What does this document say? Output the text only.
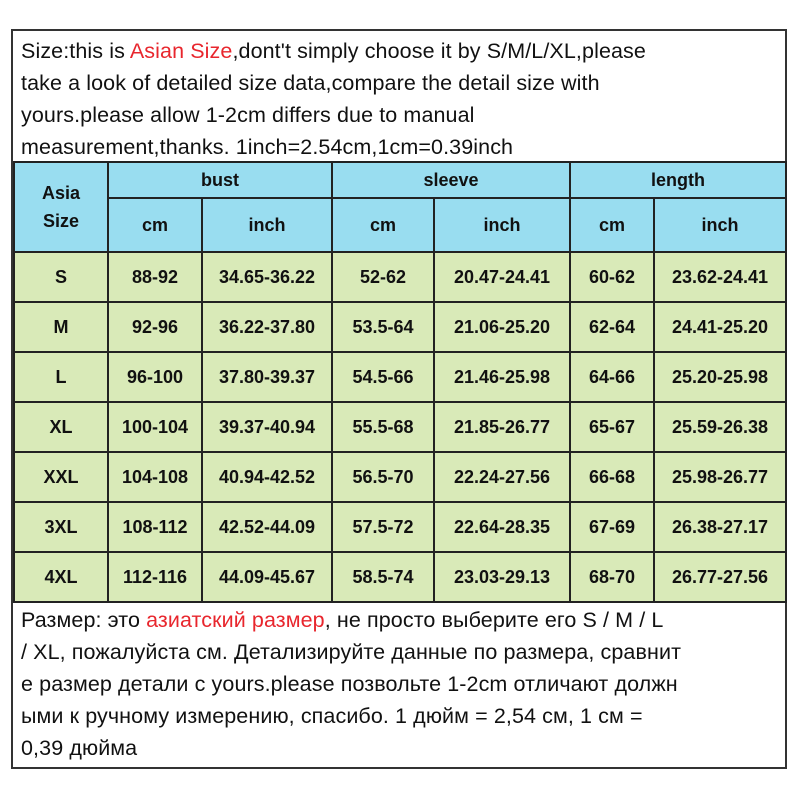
Size:this is Asian Size,dont't simply choose it by S/M/L/XL,please
take a look of detailed size data,compare the detail size with
yours.please allow 1-2cm differs due to manual
measurement,thanks. 1inch=2.54cm,1cm=0.39inch
Asia
Size	bust		sleeve		length	
	cm	inch	cm	inch	cm	inch
S	88-92	34.65-36.22	52-62	20.47-24.41	60-62	23.62-24.41
M	92-96	36.22-37.80	53.5-64	21.06-25.20	62-64	24.41-25.20
L	96-100	37.80-39.37	54.5-66	21.46-25.98	64-66	25.20-25.98
XL	100-104	39.37-40.94	55.5-68	21.85-26.77	65-67	25.59-26.38
XXL	104-108	40.94-42.52	56.5-70	22.24-27.56	66-68	25.98-26.77
3XL	108-112	42.52-44.09	57.5-72	22.64-28.35	67-69	26.38-27.17
4XL	112-116	44.09-45.67	58.5-74	23.03-29.13	68-70	26.77-27.56
Размер: это азиатский размер, не просто выберите его S / M / L
/ XL, пожалуйста см. Детализируйте данные по размера, сравнит
е размер детали с yours.please позвольте 1-2cm отличают должн
ыми к ручному измерению, спасибо. 1 дюйм = 2,54 см, 1 см =
0,39 дюйма
